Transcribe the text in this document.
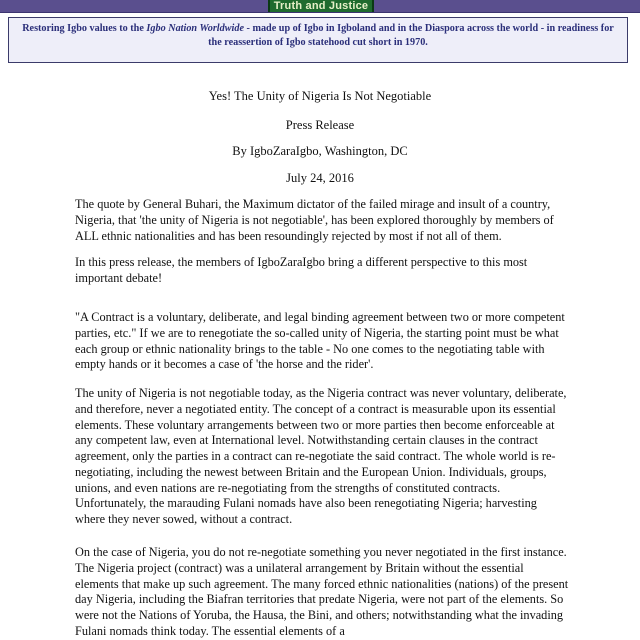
Truth and Justice
Restoring Igbo values to the Igbo Nation Worldwide - made up of Igbo in Igboland and in the Diaspora across the world - in readiness for the reassertion of Igbo statehood cut short in 1970.
Yes! The Unity of Nigeria Is Not Negotiable
Press Release
By IgboZaraIgbo, Washington, DC
July 24, 2016

The quote by General Buhari, the Maximum dictator of the failed mirage and insult of a country, Nigeria, that 'the unity of Nigeria is not negotiable', has been explored thoroughly by members of ALL ethnic nationalities and has been resoundingly rejected by most if not all of them.

In this press release, the members of IgboZaraIgbo bring a different perspective to this most important debate!

"A Contract is a voluntary, deliberate, and legal binding agreement between two or more competent parties, etc." If we are to renegotiate the so-called unity of Nigeria, the starting point must be what each group or ethnic nationality brings to the table - No one comes to the negotiating table with empty hands or it becomes a case of 'the horse and the rider'.

The unity of Nigeria is not negotiable today, as the Nigeria contract was never voluntary, deliberate, and therefore, never a negotiated entity. The concept of a contract is measurable upon its essential elements. These voluntary arrangements between two or more parties then become enforceable at any competent law, even at International level. Notwithstanding certain clauses in the contract agreement, only the parties in a contract can re-negotiate the said contract. The whole world is re-negotiating, including the newest between Britain and the European Union. Individuals, groups, unions, and even nations are re-negotiating from the strengths of constituted contracts. Unfortunately, the marauding Fulani nomads have also been renegotiating Nigeria; harvesting where they never sowed, without a contract.

On the case of Nigeria, you do not re-negotiate something you never negotiated in the first instance. The Nigeria project (contract) was a unilateral arrangement by Britain without the essential elements that make up such agreement. The many forced ethnic nationalities (nations) of the present day Nigeria, including the Biafran territories that predate Nigeria, were not part of the elements. So were not the Nations of Yoruba, the Hausa, the Bini, and others; notwithstanding what the invading Fulani nomads think today. The essential elements of a
